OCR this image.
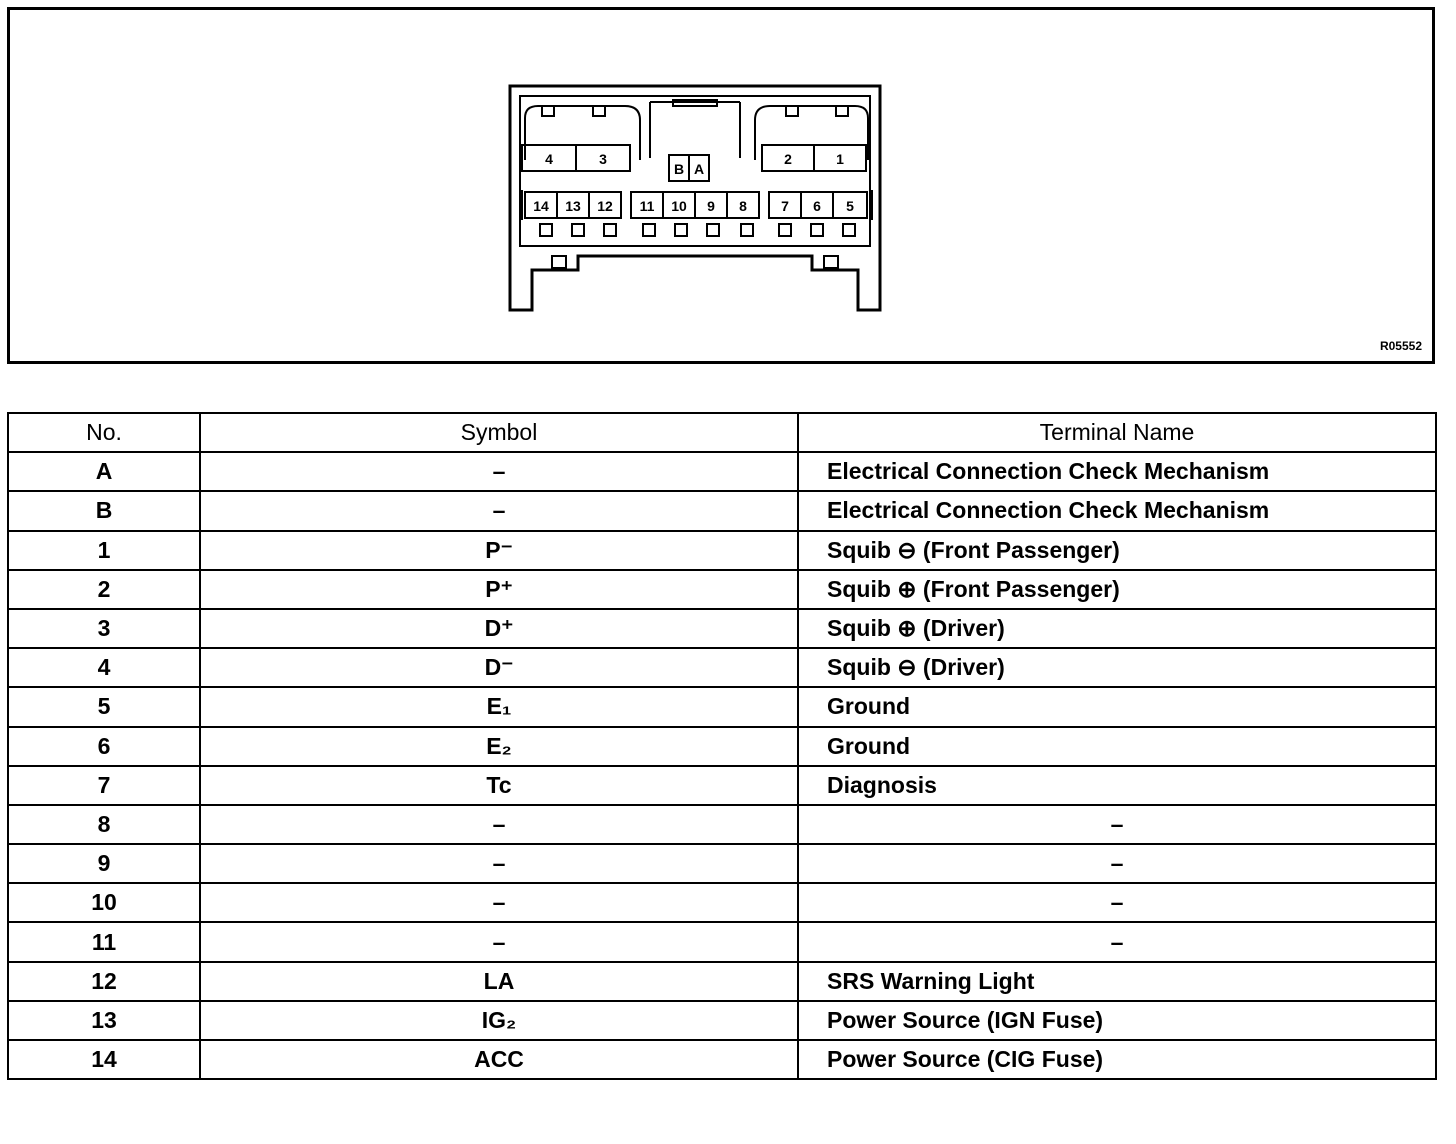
4	3
B A
2	1
14 13 12 11 10 9 8 7 6 5
R05552
No.	Symbol	Terminal Name
A	–	Electrical Connection Check Mechanism
B	–	Electrical Connection Check Mechanism
1	P⁻	Squib ⊖ (Front Passenger)
2	P⁺	Squib ⊕ (Front Passenger)
3	D⁺	Squib ⊕ (Driver)
4	D⁻	Squib ⊖ (Driver)
5	E₁	Ground
6	E₂	Ground
7	Tc	Diagnosis
8	–	–
9	–	–
10	–	–
11	–	–
12	LA	SRS Warning Light
13	IG₂	Power Source (IGN Fuse)
14	ACC	Power Source (CIG Fuse)
